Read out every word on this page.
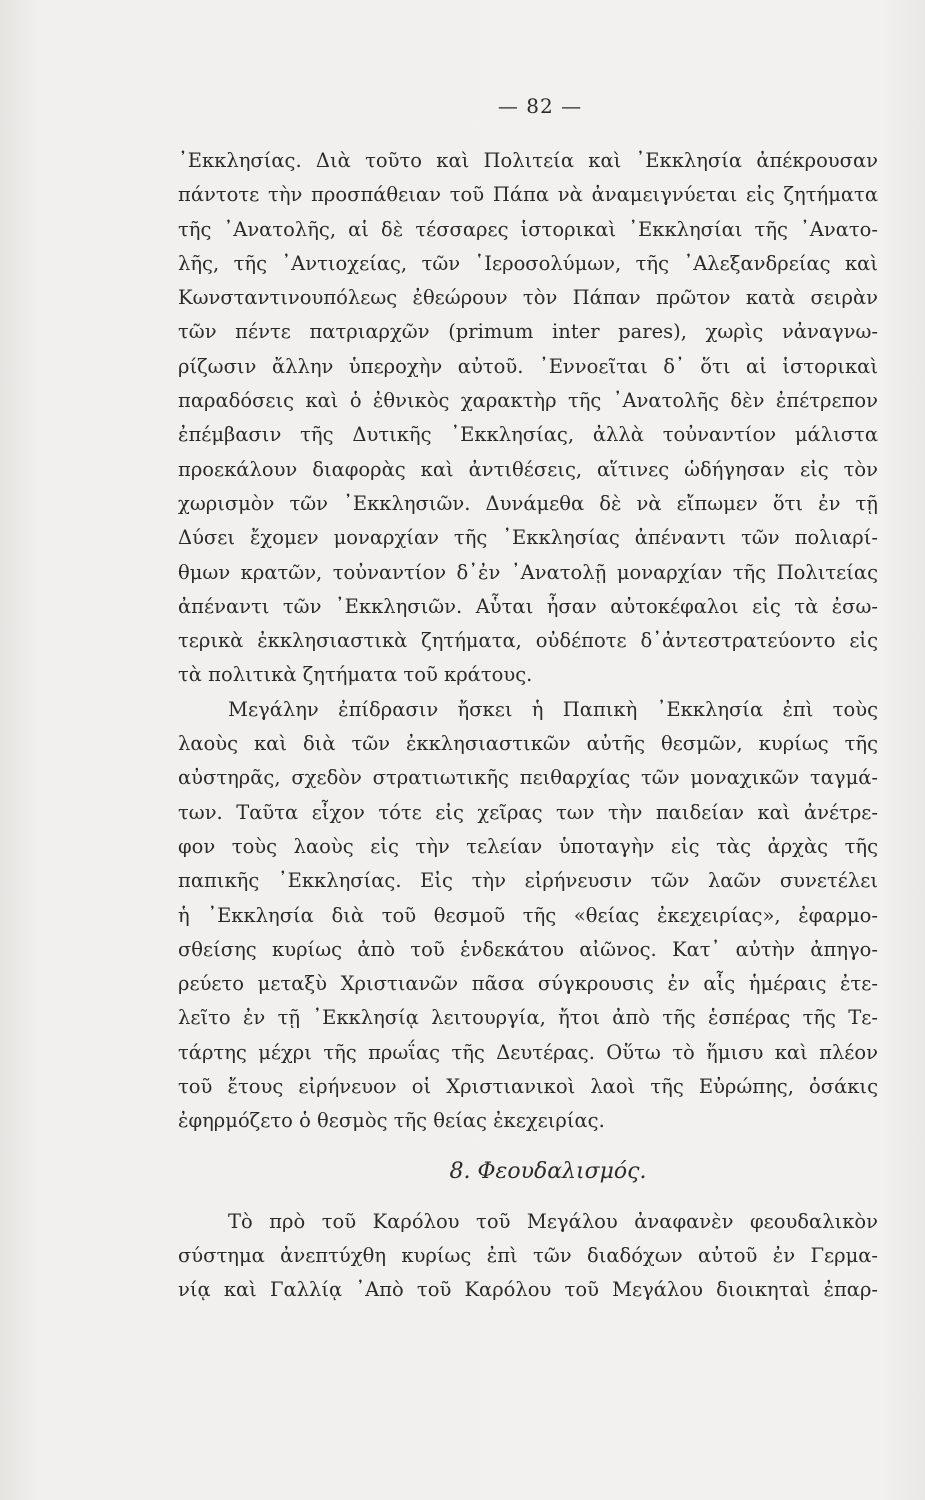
— 82 —
᾿Εκκλησίας. Διὰ τοῦτο καὶ Πολιτεία καὶ ᾿Εκκλησία ἀπέκρουσαν
πάντοτε τὴν προσπάθειαν τοῦ Πάπα νὰ ἀναμειγνύεται εἰς ζητήματα
τῆς ᾿Ανατολῆς, αἱ δὲ τέσσαρες ἱστορικαὶ ᾿Εκκλησίαι τῆς ᾿Ανατο-
λῆς, τῆς ᾿Αντιοχείας, τῶν ῾Ιεροσολύμων, τῆς ᾿Αλεξανδρείας καὶ
Κωνσταντινουπόλεως ἐθεώρουν τὸν Πάπαν πρῶτον κατὰ σειρὰν
τῶν πέντε πατριαρχῶν (primum inter pares), χωρὶς νἀναγνω-
ρίζωσιν ἄλλην ὑπεροχὴν αὐτοῦ. ᾿Εννοεῖται δ᾿ ὅτι αἱ ἱστορικαὶ
παραδόσεις καὶ ὁ ἐθνικὸς χαρακτὴρ τῆς ᾿Ανατολῆς δὲν ἐπέτρεπον
ἐπέμβασιν τῆς Δυτικῆς ᾿Εκκλησίας, ἀλλὰ τοὐναντίον μάλιστα
προεκάλουν διαφορὰς καὶ ἀντιθέσεις, αἵτινες ὡδήγησαν εἰς τὸν
χωρισμὸν τῶν ᾿Εκκλησιῶν. Δυνάμεθα δὲ νὰ εἴπωμεν ὅτι ἐν τῇ
Δύσει ἔχομεν μοναρχίαν τῆς ᾿Εκκλησίας ἀπέναντι τῶν πολιαρί-
θμων κρατῶν, τοὐναντίον δ᾿ἐν ᾿Ανατολῇ μοναρχίαν τῆς Πολιτείας
ἀπέναντι τῶν ᾿Εκκλησιῶν. Αὗται ἦσαν αὐτοκέφαλοι εἰς τὰ ἐσω-
τερικὰ ἐκκλησιαστικὰ ζητήματα, οὐδέποτε δ᾿ἀντεστρατεύοντο εἰς
τὰ πολιτικὰ ζητήματα τοῦ κράτους.
Μεγάλην ἐπίδρασιν ἤσκει ἡ Παπικὴ ᾿Εκκλησία ἐπὶ τοὺς
λαοὺς καὶ διὰ τῶν ἐκκλησιαστικῶν αὐτῆς θεσμῶν, κυρίως τῆς
αὐστηρᾶς, σχεδὸν στρατιωτικῆς πειθαρχίας τῶν μοναχικῶν ταγμά-
των. Ταῦτα εἶχον τότε εἰς χεῖρας των τὴν παιδείαν καὶ ἀνέτρε-
φον τοὺς λαοὺς εἰς τὴν τελείαν ὑποταγὴν εἰς τὰς ἀρχὰς τῆς
παπικῆς ᾿Εκκλησίας. Εἰς τὴν εἰρήνευσιν τῶν λαῶν συνετέλει
ἡ ᾿Εκκλησία διὰ τοῦ θεσμοῦ τῆς «θείας ἐκεχειρίας», ἐφαρμο-
σθείσης κυρίως ἀπὸ τοῦ ἑνδεκάτου αἰῶνος. Κατ᾿ αὐτὴν ἀπηγο-
ρεύετο μεταξὺ Χριστιανῶν πᾶσα σύγκρουσις ἐν αἷς ἡμέραις ἐτε-
λεῖτο ἐν τῇ ᾿Εκκλησίᾳ λειτουργία, ἤτοι ἀπὸ τῆς ἑσπέρας τῆς Τε-
τάρτης μέχρι τῆς πρωΐας τῆς Δευτέρας. Οὕτω τὸ ἥμισυ καὶ πλέον
τοῦ ἔτους εἰρήνευον οἱ Χριστιανικοὶ λαοὶ τῆς Εὐρώπης, ὁσάκις
ἐφηρμόζετο ὁ θεσμὸς τῆς θείας ἐκεχειρίας.
8. Φεουδαλισμός.
Τὸ πρὸ τοῦ Καρόλου τοῦ Μεγάλου ἀναφανὲν φεουδαλικὸν
σύστημα ἀνεπτύχθη κυρίως ἐπὶ τῶν διαδόχων αὐτοῦ ἐν Γερμα-
νίᾳ καὶ Γαλλίᾳ ᾿Απὸ τοῦ Καρόλου τοῦ Μεγάλου διοικηταὶ ἐπαρ-
